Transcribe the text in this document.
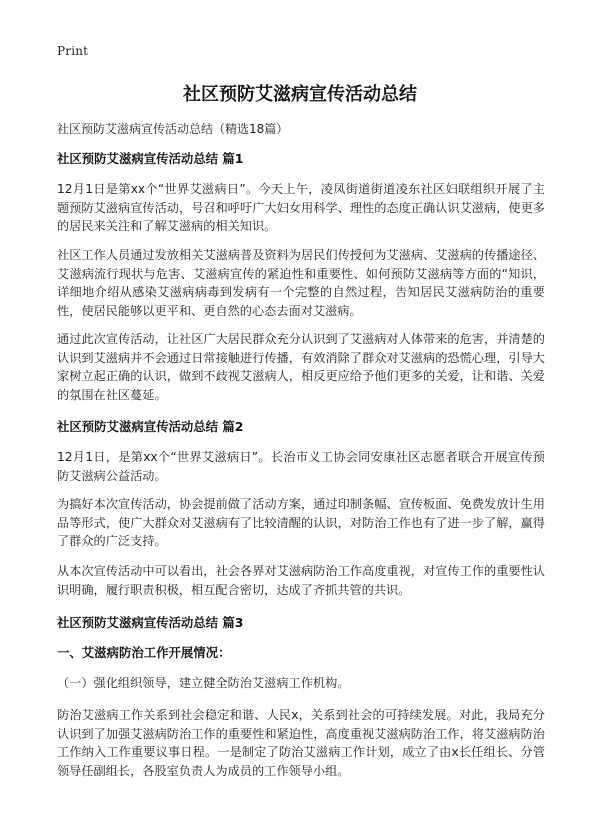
Print
社区预防艾滋病宣传活动总结
社区预防艾滋病宣传活动总结（精选18篇）
社区预防艾滋病宣传活动总结 篇1
12月1日是第xx个“世界艾滋病日”。今天上午，凌凤街道街道凌东社区妇联组织开展了主题预防艾滋病宣传活动，号召和呼吁广大妇女用科学、理性的态度正确认识艾滋病，使更多的居民来关注和了解艾滋病的相关知识。
社区工作人员通过发放相关艾滋病普及资料为居民们传授何为艾滋病、艾滋病的传播途径、艾滋病流行现状与危害、艾滋病宣传的紧迫性和重要性、如何预防艾滋病等方面的“知识，详细地介绍从感染艾滋病病毒到发病有一个完整的自然过程，告知居民艾滋病防治的重要性，使居民能够以更平和、更自然的心态去面对艾滋病。
通过此次宣传活动，让社区广大居民群众充分认识到了艾滋病对人体带来的危害，并清楚的认识到艾滋病并不会通过日常接触进行传播，有效消除了群众对艾滋病的恐慌心理，引导大家树立起正确的认识，做到不歧视艾滋病人，相反更应给予他们更多的关爱，让和谐、关爱的氛围在社区蔓延。
社区预防艾滋病宣传活动总结 篇2
12月1日，是第xx个“世界艾滋病日”。长治市义工协会同安康社区志愿者联合开展宣传预防艾滋病公益活动。
为搞好本次宣传活动，协会提前做了活动方案，通过印制条幅、宣传板面、免费发放计生用品等形式，使广大群众对艾滋病有了比较清醒的认识，对防治工作也有了进一步了解，赢得了群众的广泛支持。
从本次宣传活动中可以看出，社会各界对艾滋病防治工作高度重视，对宣传工作的重要性认识明确，履行职责积极，相互配合密切，达成了齐抓共管的共识。
社区预防艾滋病宣传活动总结 篇3
一、艾滋病防治工作开展情况：
（一）强化组织领导，建立健全防治艾滋病工作机构。
防治艾滋病工作关系到社会稳定和谐、人民x，关系到社会的可持续发展。对此，我局充分认识到了加强艾滋病防治工作的重要性和紧迫性，高度重视艾滋病防治工作，将艾滋病防治工作纳入工作重要议事日程。一是制定了防治艾滋病工作计划，成立了由x长任组长、分管领导任副组长，各股室负责人为成员的工作领导小组。
